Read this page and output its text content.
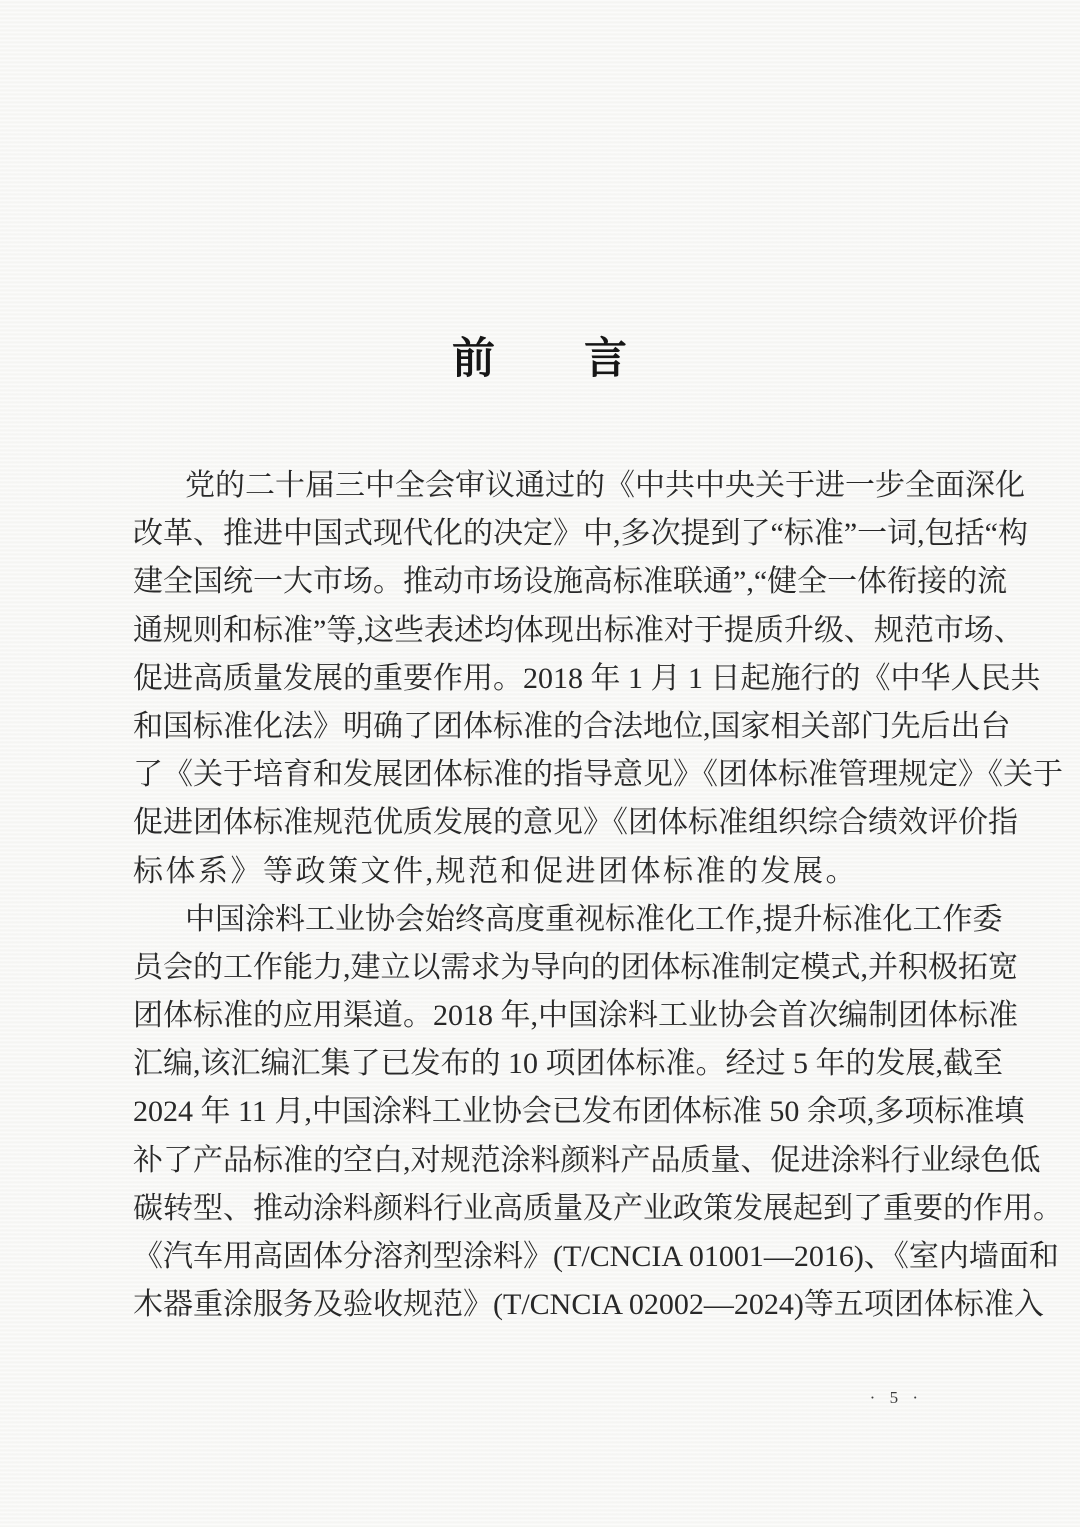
前　　言

党的二十届三中全会审议通过的《中共中央关于进一步全面深化

改革、推进中国式现代化的决定》中,多次提到了“标准”一词,包括“构

建全国统一大市场。推动市场设施高标准联通”,“健全一体衔接的流

通规则和标准”等,这些表述均体现出标准对于提质升级、规范市场、

促进高质量发展的重要作用。2018 年 1 月 1 日起施行的《中华人民共

和国标准化法》明确了团体标准的合法地位,国家相关部门先后出台

了《关于培育和发展团体标准的指导意见》《团体标准管理规定》《关于

促进团体标准规范优质发展的意见》《团体标准组织综合绩效评价指

标体系》等政策文件,规范和促进团体标准的发展。

中国涂料工业协会始终高度重视标准化工作,提升标准化工作委

员会的工作能力,建立以需求为导向的团体标准制定模式,并积极拓宽

团体标准的应用渠道。2018 年,中国涂料工业协会首次编制团体标准

汇编,该汇编汇集了已发布的 10 项团体标准。经过 5 年的发展,截至

2024 年 11 月,中国涂料工业协会已发布团体标准 50 余项,多项标准填

补了产品标准的空白,对规范涂料颜料产品质量、促进涂料行业绿色低

碳转型、推动涂料颜料行业高质量及产业政策发展起到了重要的作用。

《汽车用高固体分溶剂型涂料》(T/CNCIA 01001—2016)、《室内墙面和

木器重涂服务及验收规范》(T/CNCIA 02002—2024)等五项团体标准入

· 5 ·
